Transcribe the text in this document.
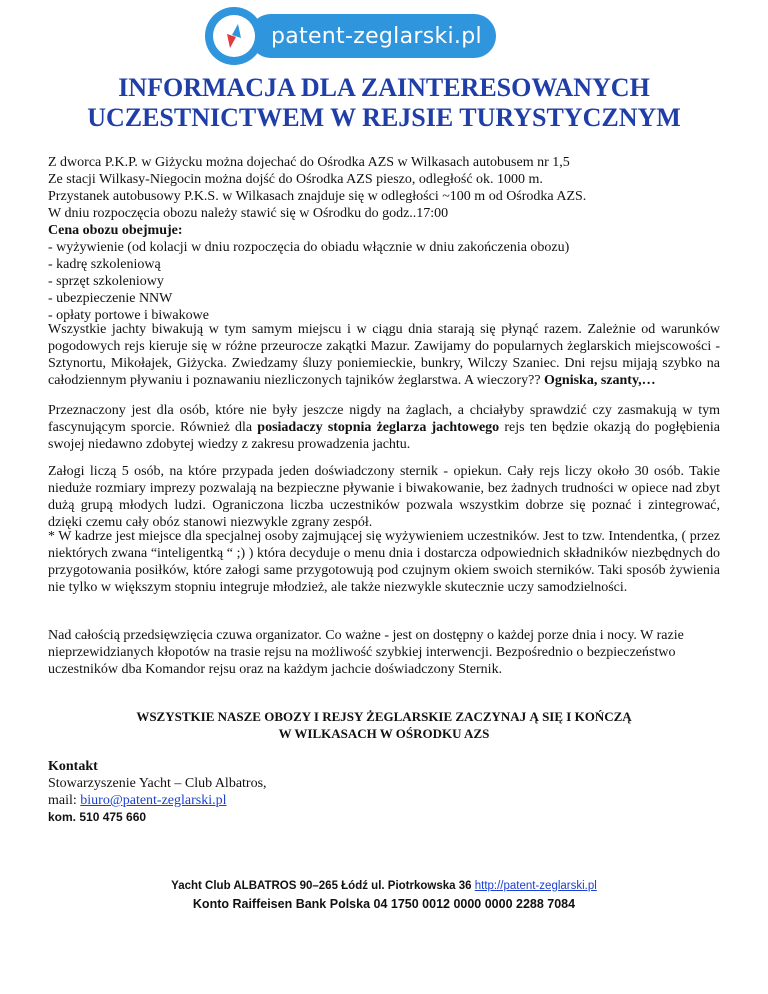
patent-zeglarski.pl
INFORMACJA DLA ZAINTERESOWANYCH
UCZESTNICTWEM W REJSIE TURYSTYCZNYM

Z dworca P.K.P. w Giżycku można dojechać do Ośrodka AZS w Wilkasach autobusem nr 1,5

Ze stacji Wilkasy-Niegocin można dojść do Ośrodka AZS pieszo, odległość ok. 1000 m.

Przystanek autobusowy P.K.S. w Wilkasach znajduje się w odległości ~100 m od Ośrodka AZS.

W dniu rozpoczęcia obozu należy stawić się w Ośrodku do godz..17:00

Cena obozu obejmuje:

- wyżywienie (od kolacji w dniu rozpoczęcia do obiadu włącznie w dniu zakończenia obozu)

- kadrę szkoleniową

- sprzęt szkoleniowy

- ubezpieczenie NNW

- opłaty portowe i biwakowe

Wszystkie jachty biwakują w tym samym miejscu i w ciągu dnia starają się płynąć razem. Zależnie od warunków pogodowych rejs kieruje się w różne przeurocze zakątki Mazur. Zawijamy do popularnych żeglarskich miejscowości - Sztynortu, Mikołajek, Giżycka. Zwiedzamy śluzy poniemieckie, bunkry, Wilczy Szaniec. Dni rejsu mijają szybko na całodziennym pływaniu i poznawaniu niezliczonych tajników żeglarstwa. A wieczory?? Ogniska, szanty,…
Przeznaczony jest dla osób, które nie były jeszcze nigdy na żaglach, a chciałyby sprawdzić czy zasmakują w tym fascynującym sporcie. Również dla posiadaczy stopnia żeglarza jachtowego rejs ten będzie okazją do pogłębienia swojej niedawno zdobytej wiedzy z zakresu prowadzenia jachtu.
Załogi liczą 5 osób, na które przypada jeden doświadczony sternik - opiekun. Cały rejs liczy około 30 osób. Takie nieduże rozmiary imprezy pozwalają na bezpieczne pływanie i biwakowanie, bez żadnych trudności w opiece nad zbyt dużą grupą młodych ludzi. Ograniczona liczba uczestników pozwala wszystkim dobrze się poznać i zintegrować, dzięki czemu cały obóz stanowi niezwykle zgrany zespół.
* W kadrze jest miejsce dla specjalnej osoby zajmującej się wyżywieniem uczestników. Jest to tzw. Intendentka, ( przez niektórych zwana “inteligentką “ ;) ) która decyduje o menu dnia i dostarcza odpowiednich składników niezbędnych do przygotowania posiłków, które załogi same przygotowują pod czujnym okiem swoich sterników. Taki sposób żywienia nie tylko w większym stopniu integruje młodzież, ale także niezwykle skutecznie uczy samodzielności.
Nad całością przedsięwzięcia czuwa organizator. Co ważne - jest on dostępny o każdej porze dnia i nocy. W razie nieprzewidzianych kłopotów na trasie rejsu na możliwość szybkiej interwencji. Bezpośrednio o bezpieczeństwo uczestników dba Komandor rejsu oraz na każdym jachcie doświadczony Sternik.

WSZYSTKIE NASZE OBOZY I REJSY ŻEGLARSKIE ZACZYNAJ Ą SIĘ I KOŃCZĄ

W WILKASACH W OŚRODKU AZS

Kontakt

Stowarzyszenie Yacht – Club Albatros,

mail: biuro@patent-zeglarski.pl

kom. 510 475 660

Yacht Club ALBATROS 90–265 Łódź ul. Piotrkowska 36 http://patent-zeglarski.pl

Konto Raiffeisen Bank Polska 04 1750 0012 0000 0000 2288 7084
